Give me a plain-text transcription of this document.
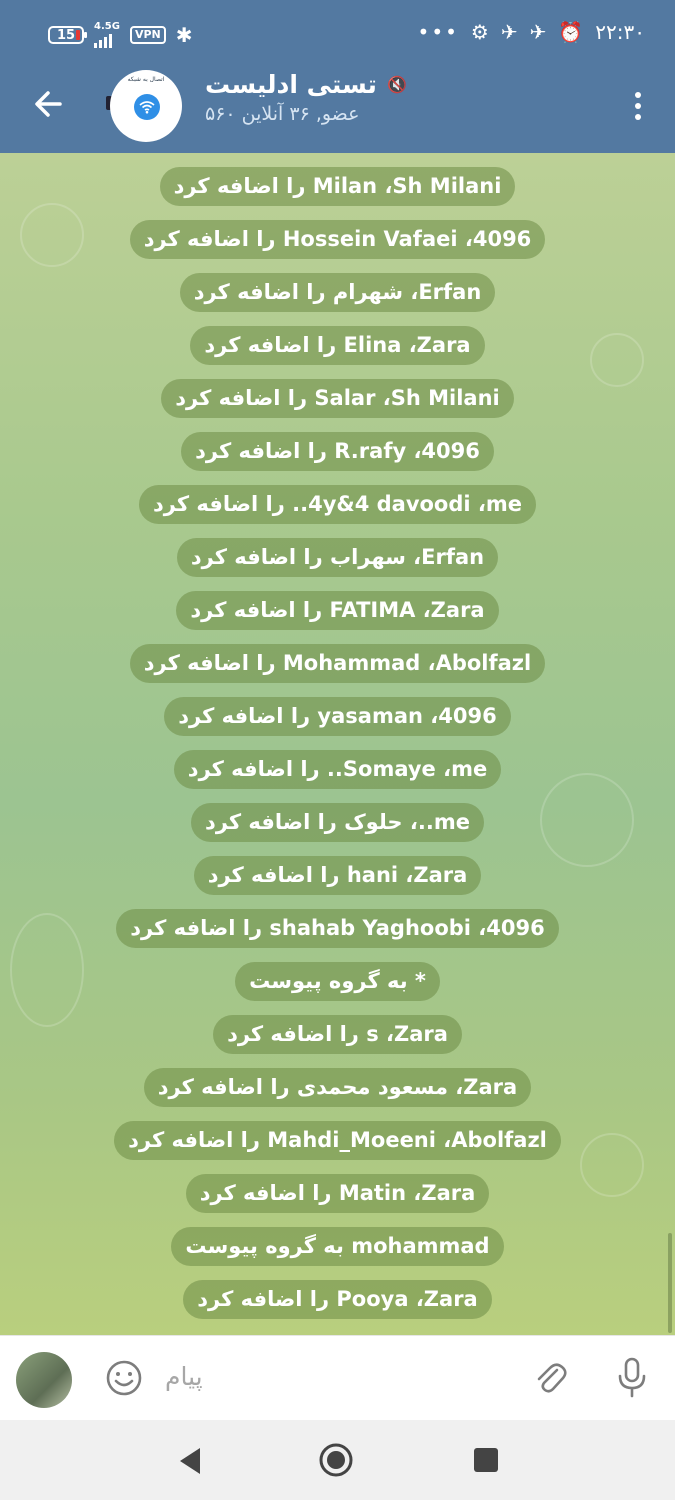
15
4.5G
VPN ✱	••• ⚙ ✈ ✈ ⏰ ۲۲:۳۰
اتصال به شبکه	تستی ادلیست 🔇
۵۶۰ عضو, ۳۶ آنلاین
Milan ،Sh Milani را اضافه کرد
Hossein Vafaei ،4096 را اضافه کرد
Erfan، شهرام را اضافه کرد
Elina ،Zara را اضافه کرد
Salar ،Sh Milani را اضافه کرد
R.rafy ،4096 را اضافه کرد
4y&4 davoodi ،me.. را اضافه کرد
Erfan، سهراب را اضافه کرد
FATIMA ،Zara را اضافه کرد
Mohammad ،Abolfazl را اضافه کرد
yasaman ،4096 را اضافه کرد
Somaye ،me.. را اضافه کرد
me..، حلوک را اضافه کرد
hani ،Zara را اضافه کرد
shahab Yaghoobi ،4096 را اضافه کرد
* به گروه پیوست
s ،Zara را اضافه کرد
Zara، مسعود محمدی را اضافه کرد
Mahdi_Moeeni ،Abolfazl را اضافه کرد
Matin ،Zara را اضافه کرد
mohammad به گروه پیوست
Pooya ،Zara را اضافه کرد
پیام
